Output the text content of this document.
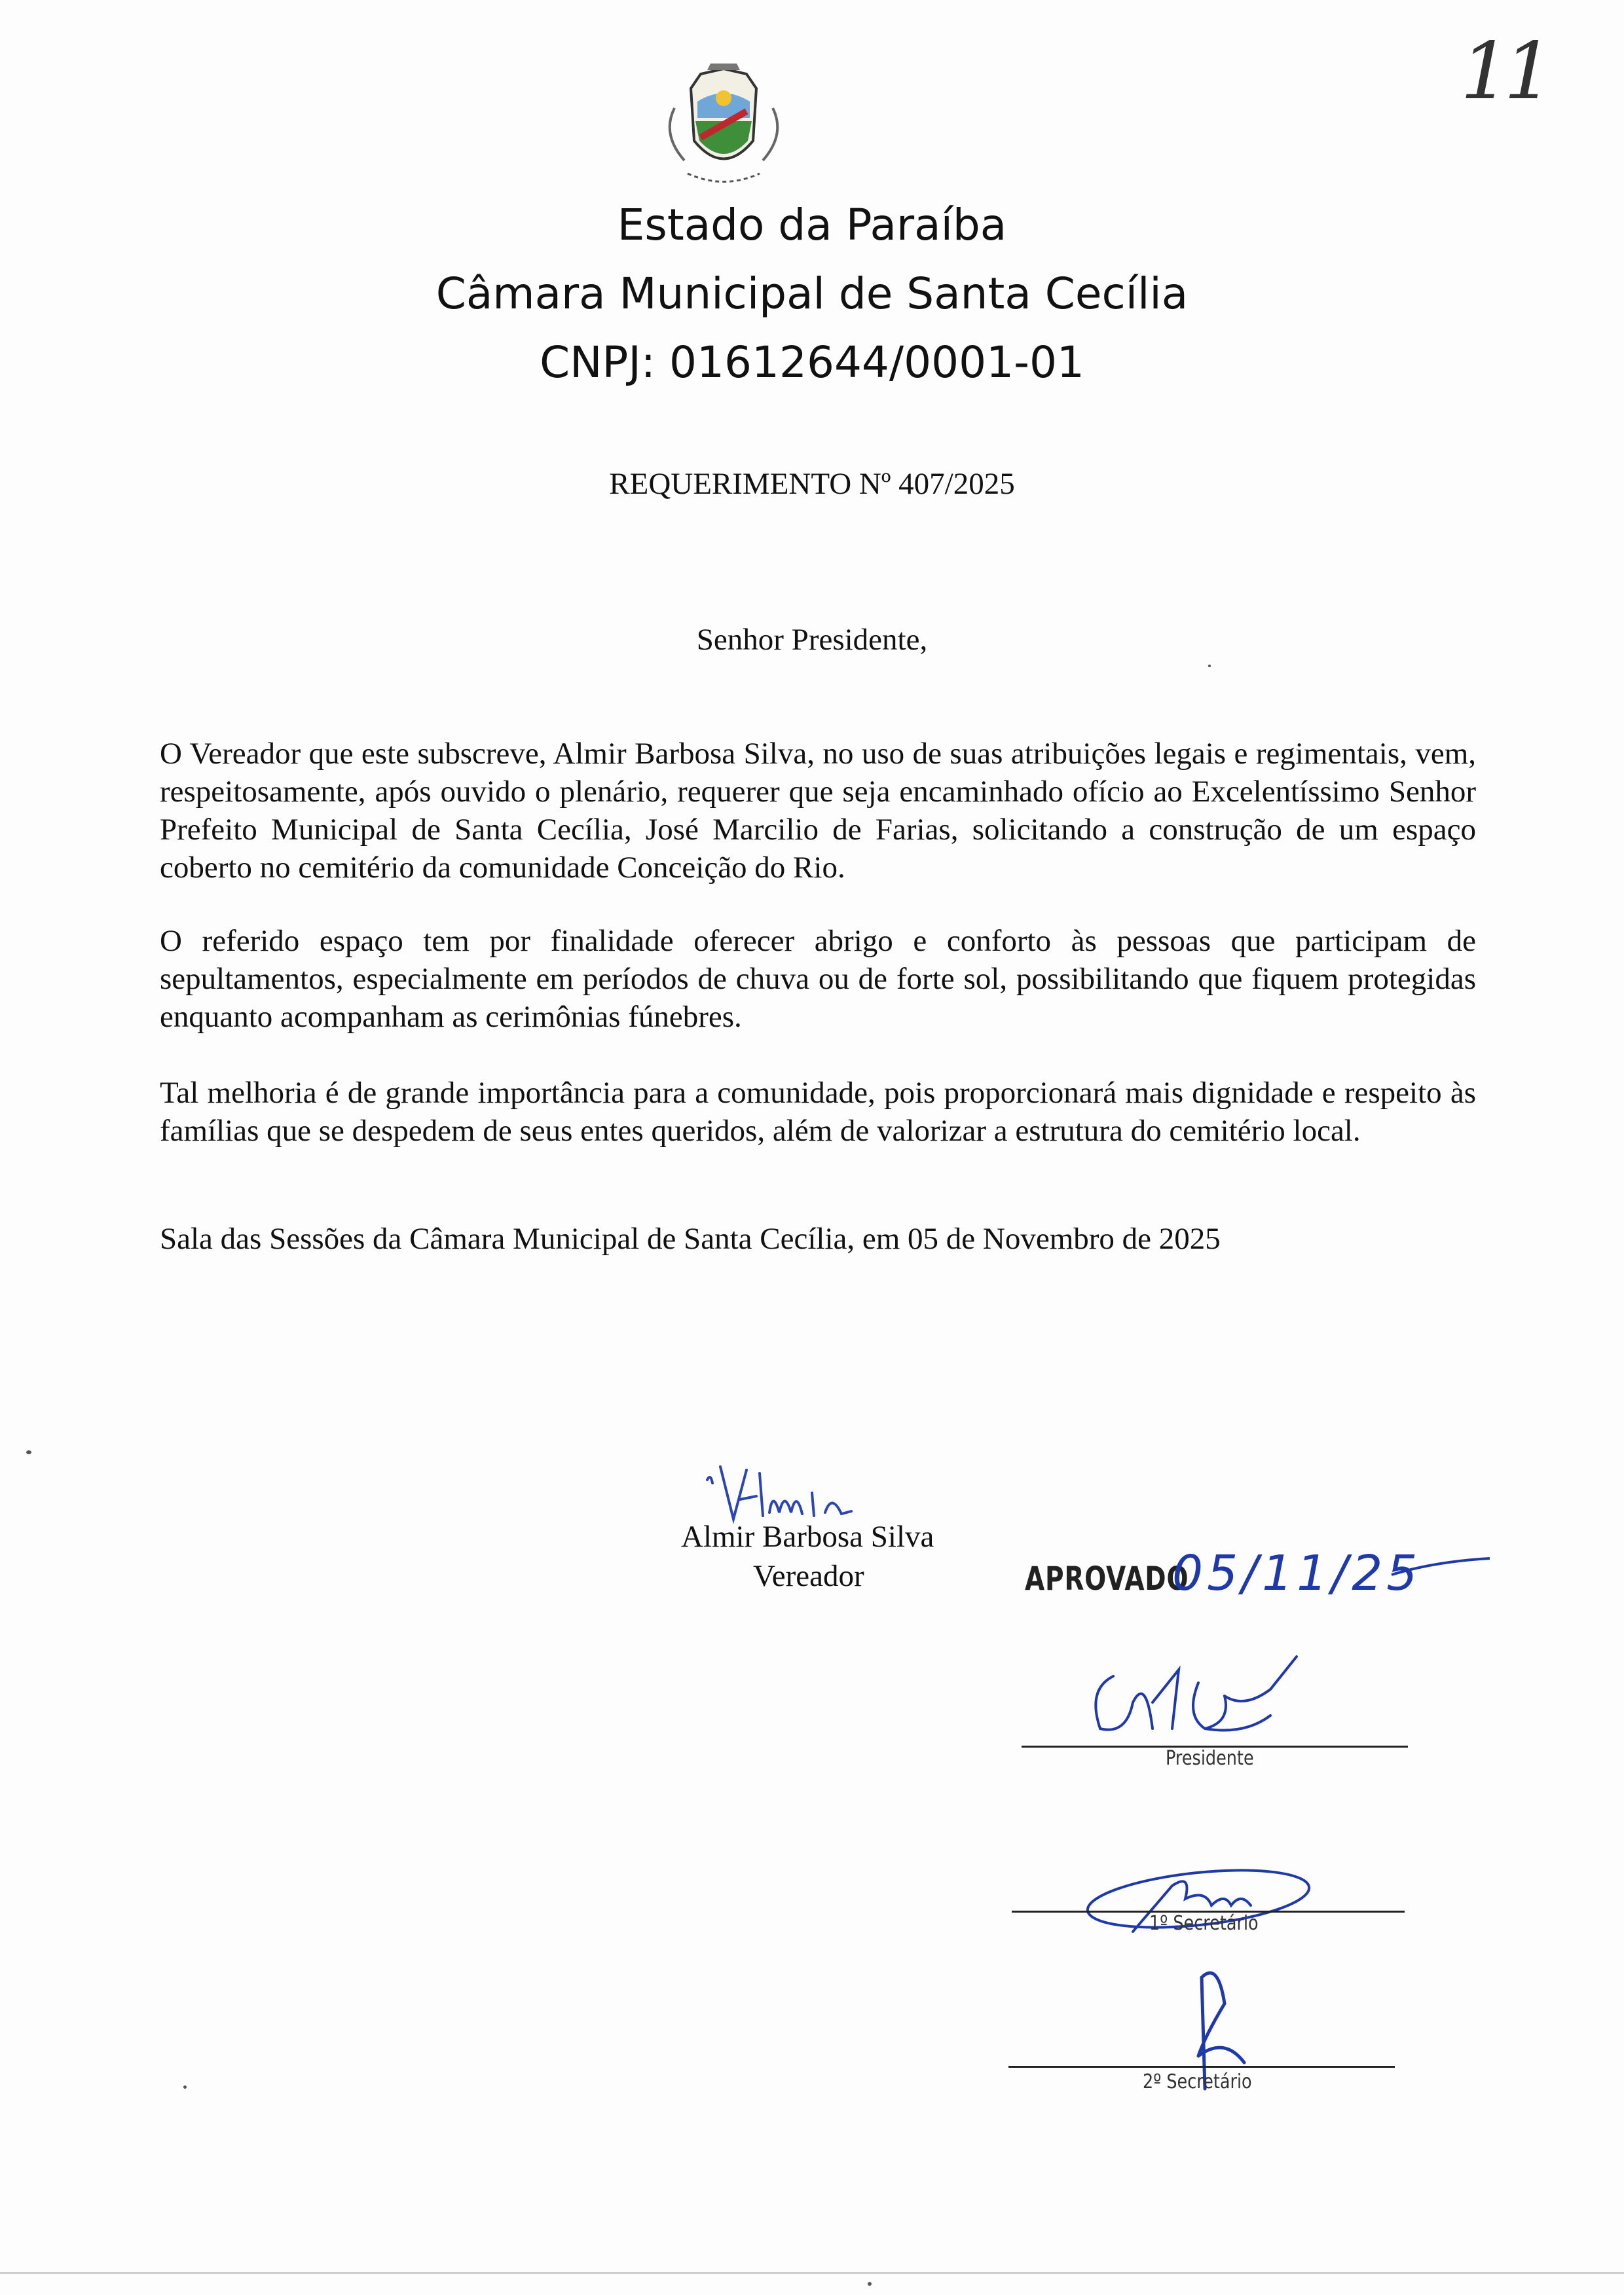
11
Estado da Paraíba
Câmara Municipal de Santa Cecília
CNPJ: 01612644/0001-01
REQUERIMENTO Nº 407/2025
Senhor Presidente,
O Vereador que este subscreve, Almir Barbosa Silva, no uso de suas atribuições legais e regimentais, vem, respeitosamente, após ouvido o plenário, requerer que seja encaminhado ofício ao Excelentíssimo Senhor Prefeito Municipal de Santa Cecília, José Marcilio de Farias, solicitando a construção de um espaço coberto no cemitério da comunidade Conceição do Rio.
O referido espaço tem por finalidade oferecer abrigo e conforto às pessoas que participam de sepultamentos, especialmente em períodos de chuva ou de forte sol, possibilitando que fiquem protegidas enquanto acompanham as cerimônias fúnebres.
Tal melhoria é de grande importância para a comunidade, pois proporcionará mais dignidade e respeito às famílias que se despedem de seus entes queridos, além de valorizar a estrutura do cemitério local.
Sala das Sessões da Câmara Municipal de Santa Cecília, em 05 de Novembro de 2025
Almir Barbosa Silva
Vereador	APROVADO
05/11/25
Presidente
1º Secretário
2º Secretário
